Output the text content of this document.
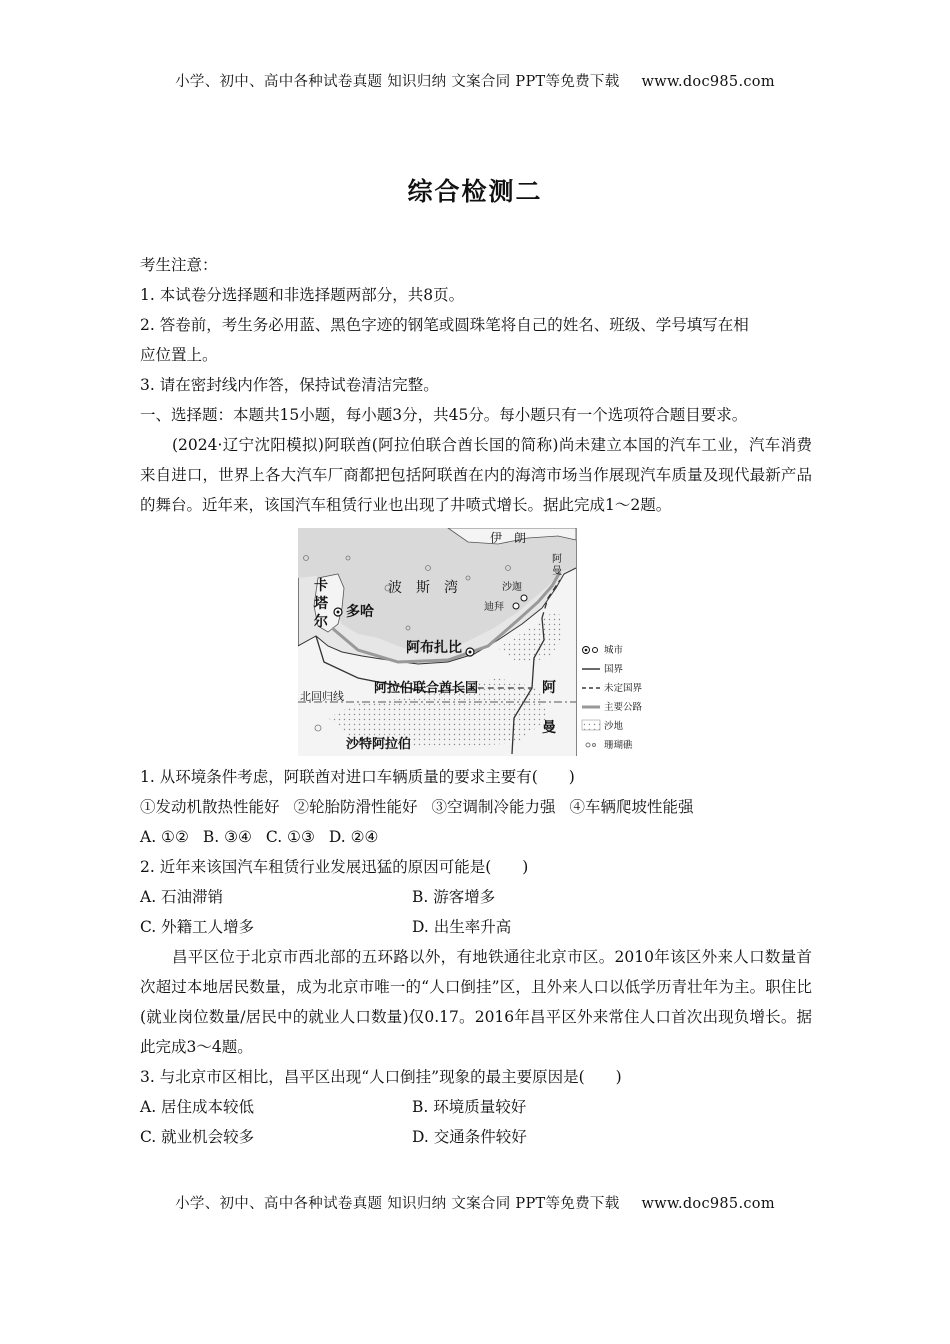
小学、初中、高中各种试卷真题 知识归纳 文案合同 PPT等免费下载 www.doc985.com
综合检测二
考生注意：
1. 本试卷分选择题和非选择题两部分，共8页。
2. 答卷前，考生务必用蓝、黑色字迹的钢笔或圆珠笔将自己的姓名、班级、学号填写在相
应位置上。
3. 请在密封线内作答，保持试卷清洁完整。
一、选择题：本题共15小题，每小题3分，共45分。每小题只有一个选项符合题目要求。
(2024·辽宁沈阳模拟)阿联酋(阿拉伯联合酋长国的简称)尚未建立本国的汽车工业，汽车消费来自进口，世界上各大汽车厂商都把包括阿联酋在内的海湾市场当作展现汽车质量及现代最新产品的舞台。近年来，该国汽车租赁行业也出现了井喷式增长。据此完成1～2题。
伊　朗
波　斯　湾
卡
塔
尔
多哈
阿布扎比
沙迦
迪拜
阿
曼
阿拉伯联合酋长国	阿
曼
沙特阿拉伯
北回归线
城市
国界
未定国界
主要公路
沙地
珊瑚礁
1. 从环境条件考虑，阿联酋对进口车辆质量的要求主要有(　　)
①发动机散热性能好 ②轮胎防滑性能好 ③空调制冷能力强 ④车辆爬坡性能强
A. ①② B. ③④ C. ①③ D. ②④
2. 近年来该国汽车租赁行业发展迅猛的原因可能是(　　)
A. 石油滞销	B. 游客增多
C. 外籍工人增多	D. 出生率升高
昌平区位于北京市西北部的五环路以外，有地铁通往北京市区。2010年该区外来人口数量首次超过本地居民数量，成为北京市唯一的“人口倒挂”区，且外来人口以低学历青壮年为主。职住比(就业岗位数量/居民中的就业人口数量)仅0.17。2016年昌平区外来常住人口首次出现负增长。据此完成3～4题。
3. 与北京市区相比，昌平区出现“人口倒挂”现象的最主要原因是(　　)
A. 居住成本较低	B. 环境质量较好
C. 就业机会较多	D. 交通条件较好
小学、初中、高中各种试卷真题 知识归纳 文案合同 PPT等免费下载 www.doc985.com
